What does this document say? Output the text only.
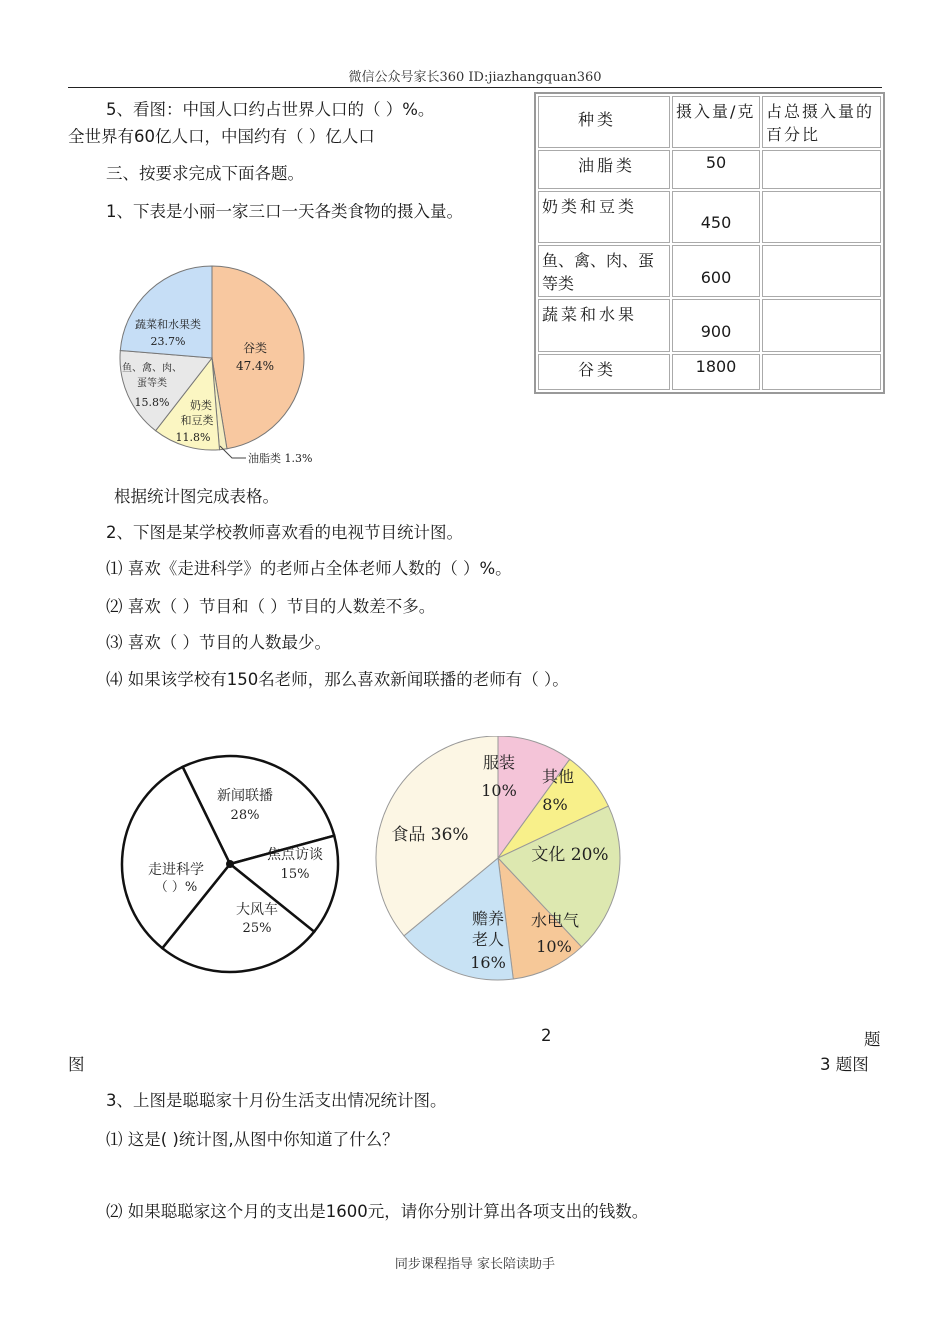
微信公众号家长360 ID:jiazhangquan360
5、看图：中国人口约占世界人口的（ ）%。
全世界有60亿人口，中国约有（ ）亿人口
三、按要求完成下面各题。
1、下表是小丽一家三口一天各类食物的摄入量。
种类	摄入量/克	占总摄入量的百分比

油脂类	50	

奶类和豆类	450	

鱼、禽、肉、蛋等类	600	

蔬菜和水果	900	

谷类	1800	
谷类
47.4%
蔬菜和水果类
23.7%
鱼、禽、肉、
蛋等类
15.8% 奶类
和豆类
11.8%
油脂类 1.3%
根据统计图完成表格。
2、下图是某学校教师喜欢看的电视节目统计图。
⑴ 喜欢《走进科学》的老师占全体老师人数的（ ）%。
⑵ 喜欢（ ）节目和（ ）节目的人数差不多。
⑶ 喜欢（ ）节目的人数最少。
⑷ 如果该学校有150名老师，那么喜欢新闻联播的老师有（ ）。
新闻联播
28%
焦点访谈
15%
大风车
25%
走进科学
（ ）%
服装
10%
其他
8%
文化 20%
水电气
10%
赡养
老人
16%
食品 36%
2	题
图	3 题图
3、上图是聪聪家十月份生活支出情况统计图。
⑴ 这是( )统计图,从图中你知道了什么？
⑵ 如果聪聪家这个月的支出是1600元，请你分别计算出各项支出的钱数。
同步课程指导 家长陪读助手
